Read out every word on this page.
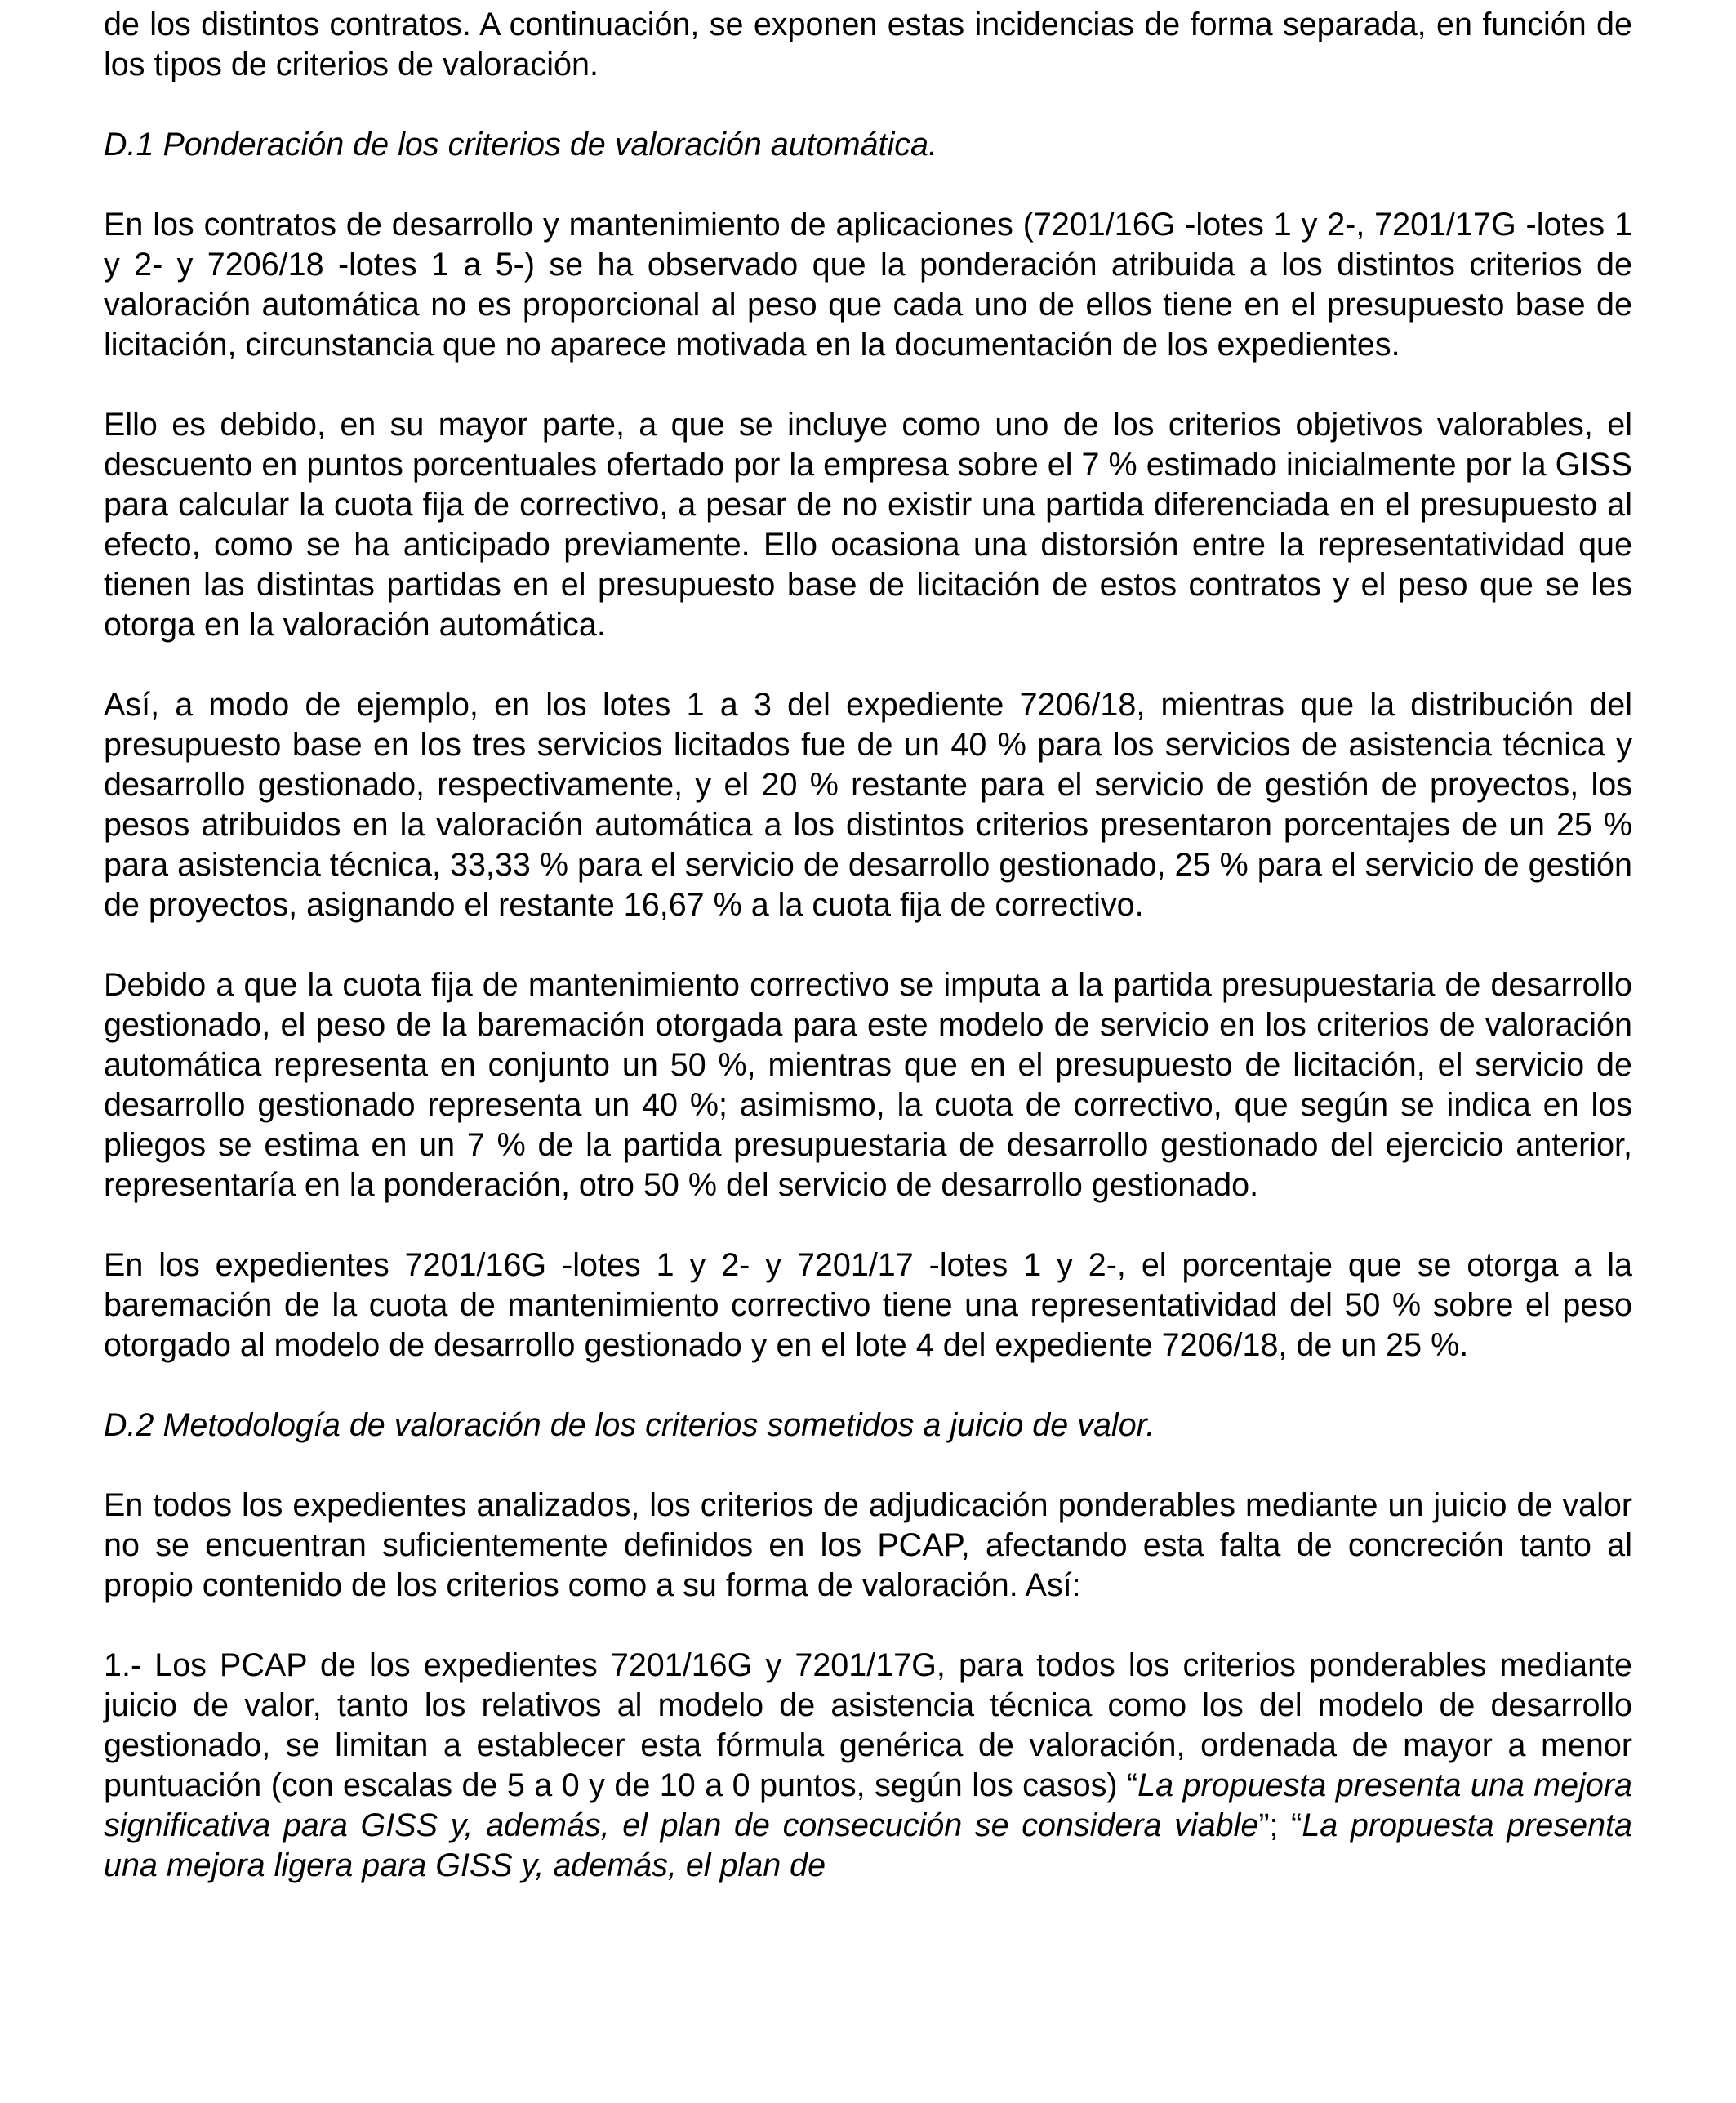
de los distintos contratos. A continuación, se exponen estas incidencias de forma separada, en función de los tipos de criterios de valoración.

D.1 Ponderación de los criterios de valoración automática.

En los contratos de desarrollo y mantenimiento de aplicaciones (7201/16G -lotes 1 y 2-, 7201/17G -lotes 1 y 2- y 7206/18 -lotes 1 a 5-) se ha observado que la ponderación atribuida a los distintos criterios de valoración automática no es proporcional al peso que cada uno de ellos tiene en el presupuesto base de licitación, circunstancia que no aparece motivada en la documentación de los expedientes.

Ello es debido, en su mayor parte, a que se incluye como uno de los criterios objetivos valorables, el descuento en puntos porcentuales ofertado por la empresa sobre el 7 % estimado inicialmente por la GISS para calcular la cuota fija de correctivo, a pesar de no existir una partida diferenciada en el presupuesto al efecto, como se ha anticipado previamente. Ello ocasiona una distorsión entre la representatividad que tienen las distintas partidas en el presupuesto base de licitación de estos contratos y el peso que se les otorga en la valoración automática.

Así, a modo de ejemplo, en los lotes 1 a 3 del expediente 7206/18, mientras que la distribución del presupuesto base en los tres servicios licitados fue de un 40 % para los servicios de asistencia técnica y desarrollo gestionado, respectivamente, y el 20 % restante para el servicio de gestión de proyectos, los pesos atribuidos en la valoración automática a los distintos criterios presentaron porcentajes de un 25 % para asistencia técnica, 33,33 % para el servicio de desarrollo gestionado, 25 % para el servicio de gestión de proyectos, asignando el restante 16,67 % a la cuota fija de correctivo.

Debido a que la cuota fija de mantenimiento correctivo se imputa a la partida presupuestaria de desarrollo gestionado, el peso de la baremación otorgada para este modelo de servicio en los criterios de valoración automática representa en conjunto un 50 %, mientras que en el presupuesto de licitación, el servicio de desarrollo gestionado representa un 40 %; asimismo, la cuota de correctivo, que según se indica en los pliegos se estima en un 7 % de la partida presupuestaria de desarrollo gestionado del ejercicio anterior, representaría en la ponderación, otro 50 % del servicio de desarrollo gestionado.

En los expedientes 7201/16G -lotes 1 y 2- y 7201/17 -lotes 1 y 2-, el porcentaje que se otorga a la baremación de la cuota de mantenimiento correctivo tiene una representatividad del 50 % sobre el peso otorgado al modelo de desarrollo gestionado y en el lote 4 del expediente 7206/18, de un 25 %.

D.2 Metodología de valoración de los criterios sometidos a juicio de valor.

En todos los expedientes analizados, los criterios de adjudicación ponderables mediante un juicio de valor no se encuentran suficientemente definidos en los PCAP, afectando esta falta de concreción tanto al propio contenido de los criterios como a su forma de valoración. Así:

1.- Los PCAP de los expedientes 7201/16G y 7201/17G, para todos los criterios ponderables mediante juicio de valor, tanto los relativos al modelo de asistencia técnica como los del modelo de desarrollo gestionado, se limitan a establecer esta fórmula genérica de valoración, ordenada de mayor a menor puntuación (con escalas de 5 a 0 y de 10 a 0 puntos, según los casos) “La propuesta presenta una mejora significativa para GISS y, además, el plan de consecución se considera viable”; “La propuesta presenta una mejora ligera para GISS y, además, el plan de
